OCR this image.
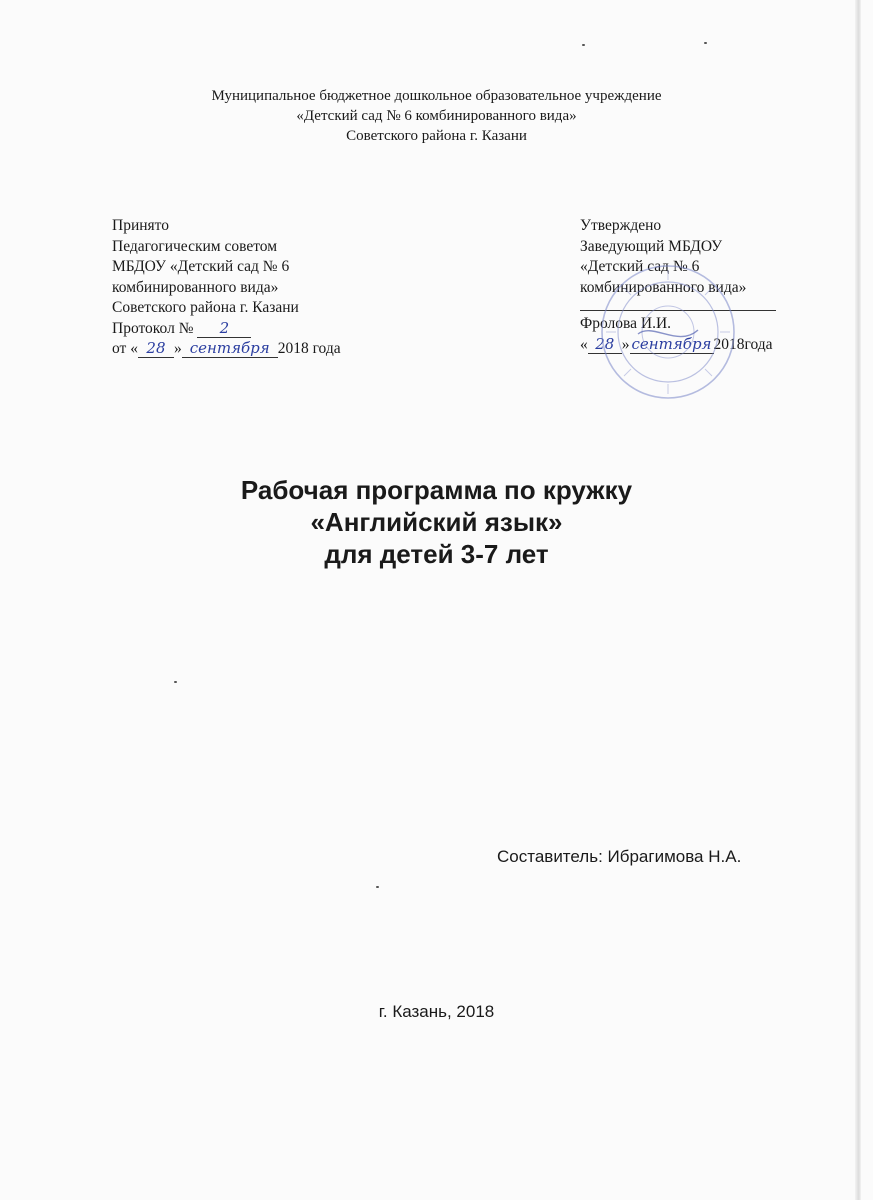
Муниципальное бюджетное дошкольное образовательное учреждение
«Детский сад № 6 комбинированного вида»
Советского района г. Казани
Принято
Педагогическим советом
МБДОУ «Детский сад № 6
комбинированного вида»
Советского района г. Казани
Протокол № 2
от « 28 » сентября 2018 года
Утверждено
Заведующий МБДОУ
«Детский сад № 6
комбинированного вида»
Фролова И.И.
« 28 » сентября 2018года
Рабочая программа по кружку
«Английский язык»
для детей 3-7 лет
Составитель: Ибрагимова Н.А.
г. Казань, 2018
